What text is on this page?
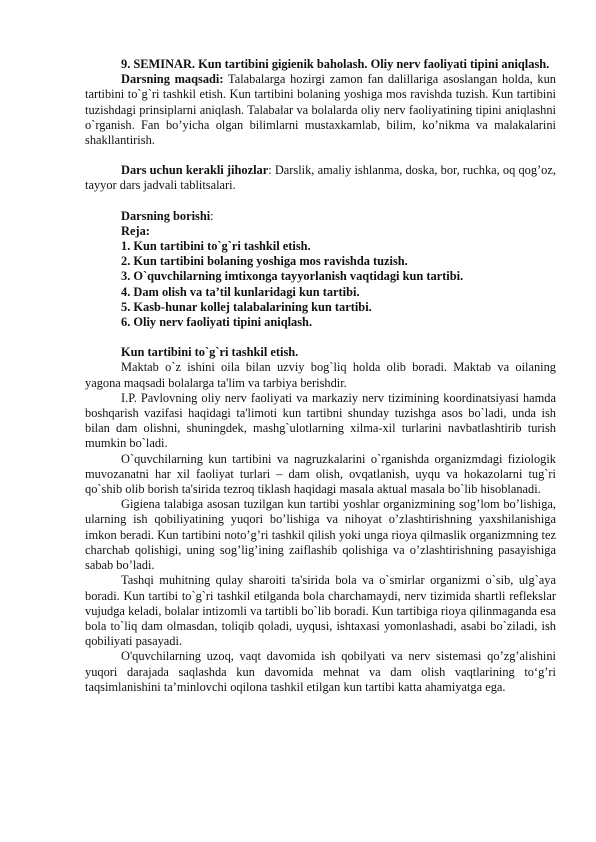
9. SEMINAR. Kun tartibini gigienik baholash. Oliy nerv faoliyati tipini aniqlash.

Darsning maqsadi: Talabalarga hozirgi zamon fan dalillariga asoslangan holda, kun tartibini to`g`ri tashkil etish. Kun tartibini bolaning yoshiga mos ravishda tuzish. Kun tartibini tuzishdagi prinsiplarni aniqlash. Talabalar va bolalarda oliy nerv faoliyatining tipini aniqlashni o`rganish. Fan bo’yicha olgan bilimlarni mustaxkamlab, bilim, ko’nikma va malakalarini shakllantirish.

Dars uchun kerakli jihozlar: Darslik, amaliy ishlanma, doska, bor, ruchka, oq qog’oz, tayyor dars jadvali tablitsalari.

Darsning borishi:

Reja:

1. Kun tartibini to`g`ri tashkil etish.

2. Kun tartibini bolaning yoshiga mos ravishda tuzish.

3. O`quvchilarning imtixonga tayyorlanish vaqtidagi kun tartibi.

4. Dam olish va ta’til kunlaridagi kun tartibi.

5. Kasb-hunar kollej talabalarining kun tartibi.

6. Oliy nerv faoliyati tipini aniqlash.

Kun tartibini to`g`ri tashkil etish.

Maktab o`z ishini oila bilan uzviy bog`liq holda olib boradi. Maktab va oilaning yagona maqsadi bolalarga ta'lim va tarbiya berishdir.

I.P. Pavlovning oliy nerv faoliyati va markaziy nerv tizimining koordinatsiyasi hamda boshqarish vazifasi haqidagi ta'limoti kun tartibni shunday tuzishga asos bo`ladi, unda ish bilan dam olishni, shuningdek, mashg`ulotlarning xilma-xil turlarini navbatlashtirib turish mumkin bo`ladi.

O`quvchilarning kun tartibini va nagruzkalarini o`rganishda organizmdagi fiziologik muvozanatni har xil faoliyat turlari – dam olish, ovqatlanish, uyqu va hokazolarni tug`ri qo`shib olib borish ta'sirida tezroq tiklash haqidagi masala aktual masala bo`lib hisoblanadi.

Gigiena talabiga asosan tuzilgan kun tartibi yoshlar organizmining sog’lom bo’lishiga, ularning ish qobiliyatining yuqori bo’lishiga va nihoyat o’zlashtirishning yaxshilanishiga imkon beradi. Kun tartibini noto’g’ri tashkil qilish yoki unga rioya qilmaslik organizmning tez charchab qolishigi, uning sog’lig’ining zaiflashib qolishiga va o’zlashtirishning pasayishiga sabab bo’ladi.

Tashqi muhitning qulay sharoiti ta'sirida bola va o`smirlar organizmi o`sib, ulg`aya boradi. Kun tartibi to`g`ri tashkil etilganda bola charchamaydi, nerv tizimida shartli reflekslar vujudga keladi, bolalar intizomli va tartibli bo`lib boradi. Kun tartibiga rioya qilinmaganda esa bola to`liq dam olmasdan, toliqib qoladi, uyqusi, ishtaxasi yomonlashadi, asabi bo`ziladi, ish qobiliyati pasayadi.

O'quvchilarning uzoq, vaqt davomida ish qobilyati va nerv sistemasi qo’zg’alishini yuqori darajada saqlashda kun davomida mehnat va dam olish vaqtlarining to‘g’ri taqsimlanishini ta’minlovchi oqilona tashkil etilgan kun tartibi katta ahamiyatga ega.
